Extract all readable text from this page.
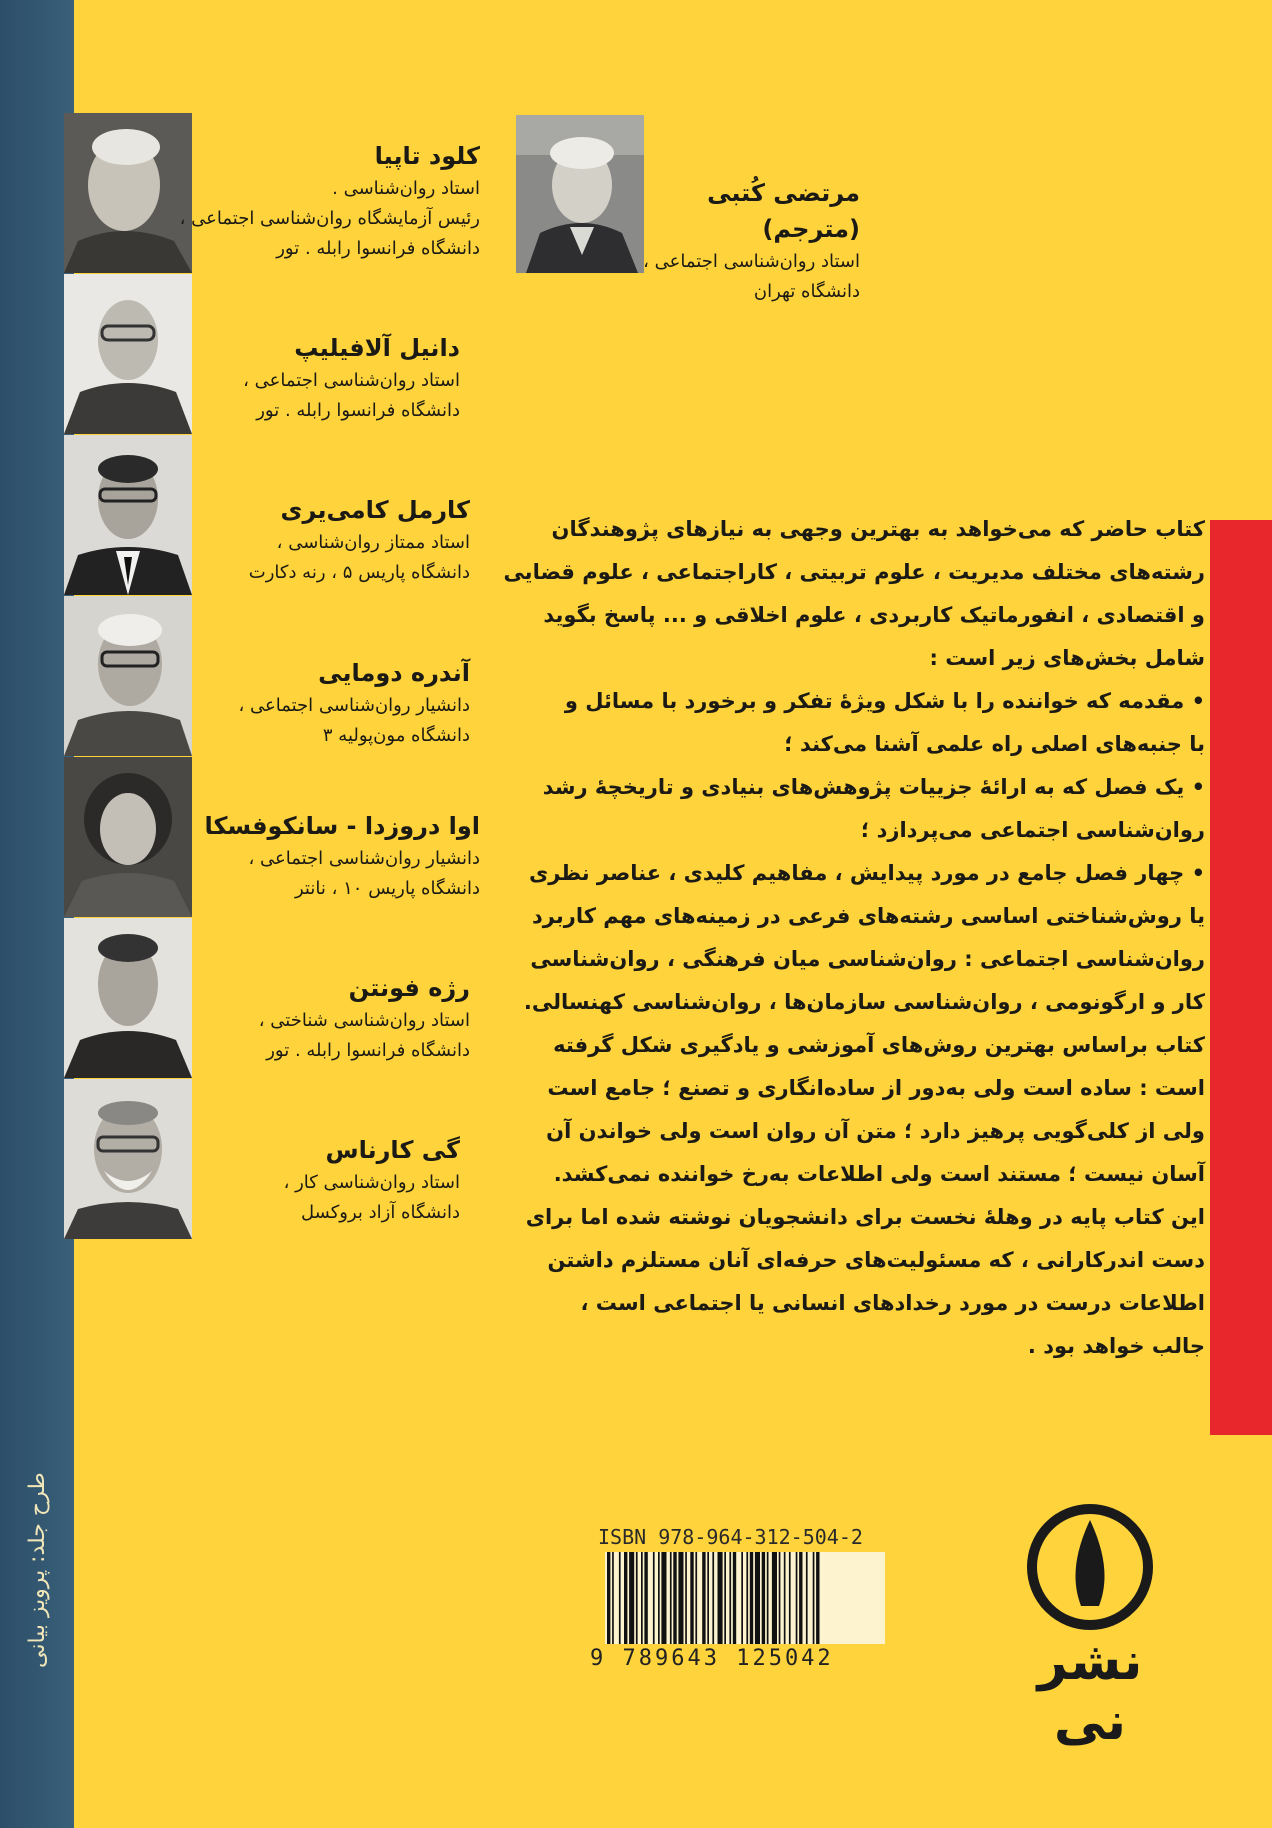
طرح جلد: پرویز بیانی
مرتضی کُتبی (مترجم)
استاد روان‌شناسی اجتماعی ،
دانشگاه تهران
کلود تاپیا
استاد روان‌شناسی .
رئیس آزمایشگاه روان‌شناسی اجتماعی ،
دانشگاه فرانسوا رابله . تور
دانیل آلافیلیپ
استاد روان‌شناسی اجتماعی ،
دانشگاه فرانسوا رابله . تور
کارمل کامی‌یری
استاد ممتاز روان‌شناسی ،
دانشگاه پاریس ۵ ، رنه دکارت
آندره دومایی
دانشیار روان‌شناسی اجتماعی ،
دانشگاه مون‌پولیه ۳
اوا دروزدا - سانکوفسکا
دانشیار روان‌شناسی اجتماعی ،
دانشگاه پاریس ۱۰ ، نانتر
رژه فونتن
استاد روان‌شناسی شناختی ،
دانشگاه فرانسوا رابله . تور
گی کارناس
استاد روان‌شناسی کار ،
دانشگاه آزاد بروکسل
کتاب حاضر که می‌خواهد به بهترین وجهی به نیازهای پژوهندگان
رشته‌های مختلف مدیریت ، علوم تربیتی ، کاراجتماعی ، علوم قضایی
و اقتصادی ، انفورماتیک کاربردی ، علوم اخلاقی و ... پاسخ بگوید
شامل بخش‌های زیر است :
• مقدمه که خواننده را با شکل ویژهٔ تفکر و برخورد با مسائل و
با جنبه‌های اصلی راه علمی آشنا می‌کند ؛
• یک فصل که به ارائهٔ جزییات پژوهش‌های بنیادی و تاریخچهٔ رشد
روان‌شناسی اجتماعی می‌پردازد ؛
• چهار فصل جامع در مورد پیدایش ، مفاهیم کلیدی ، عناصر نظری
یا روش‌شناختی اساسی رشته‌های فرعی در زمینه‌های مهم کاربرد
روان‌شناسی اجتماعی : روان‌شناسی میان فرهنگی ، روان‌شناسی
کار و ارگونومی ، روان‌شناسی سازمان‌ها ، روان‌شناسی کهنسالی.
کتاب براساس بهترین روش‌های آموزشی و یادگیری شکل گرفته
است : ساده است ولی به‌دور از ساده‌انگاری و تصنع ؛ جامع است
ولی از کلی‌گویی پرهیز دارد ؛ متن آن روان است ولی خواندن آن
آسان نیست ؛ مستند است ولی اطلاعات به‌رخ خواننده نمی‌کشد.
این کتاب پایه در وهلهٔ نخست برای دانشجویان نوشته شده اما برای
دست اندرکارانی ، که مسئولیت‌های حرفه‌ای آنان مستلزم داشتن
اطلاعات درست در مورد رخدادهای انسانی یا اجتماعی است ،
جالب خواهد بود .
ISBN 978-964-312-504-2
9 789643 125042	نشر نی
